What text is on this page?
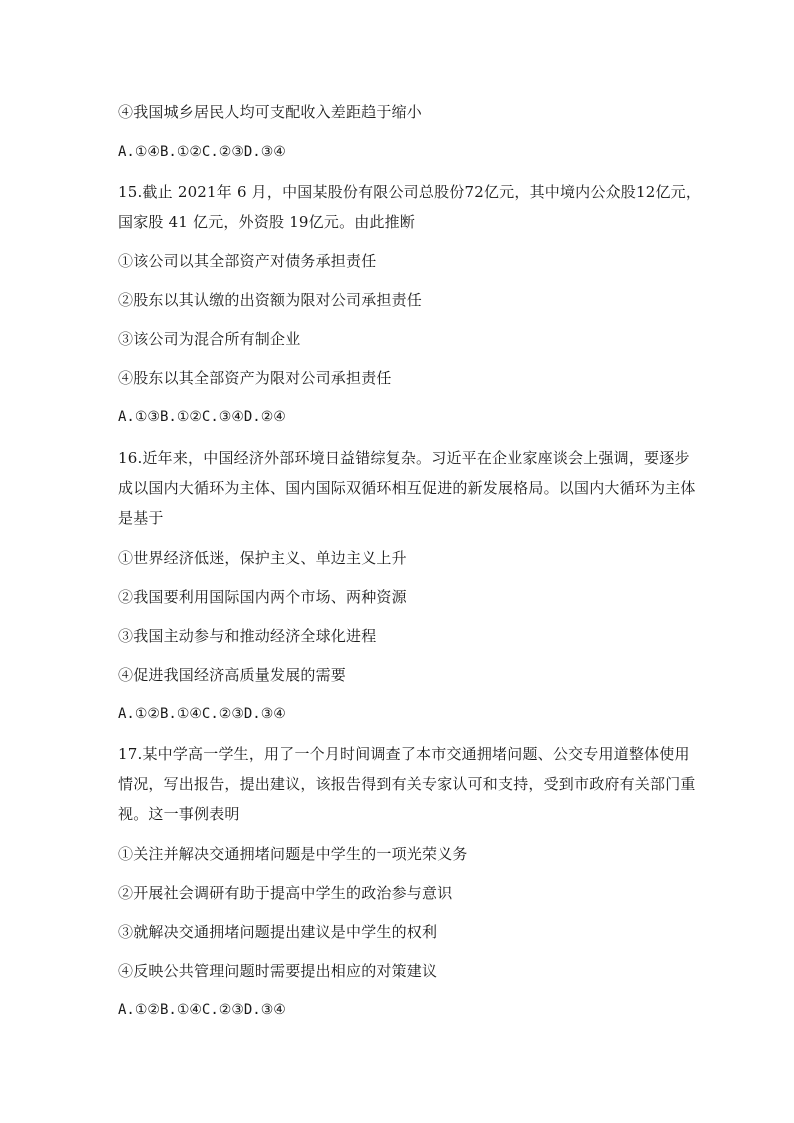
④我国城乡居民人均可支配收入差距趋于缩小
A.①④B.①②C.②③D.③④
15.截止 2021年 6 月，中国某股份有限公司总股份72亿元，其中境内公众股12亿元，
国家股 41 亿元，外资股 19亿元。由此推断
①该公司以其全部资产对债务承担责任
②股东以其认缴的出资额为限对公司承担责任
③该公司为混合所有制企业
④股东以其全部资产为限对公司承担责任
A.①③B.①②C.③④D.②④
16.近年来，中国经济外部环境日益错综复杂。习近平在企业家座谈会上强调，要逐步
成以国内大循环为主体、国内国际双循环相互促进的新发展格局。以国内大循环为主体
是基于
①世界经济低迷，保护主义、单边主义上升
②我国要利用国际国内两个市场、两种资源
③我国主动参与和推动经济全球化进程
④促进我国经济高质量发展的需要
A.①②B.①④C.②③D.③④
17.某中学高一学生，用了一个月时间调查了本市交通拥堵问题、公交专用道整体使用
情况，写出报告，提出建议，该报告得到有关专家认可和支持，受到市政府有关部门重
视。这一事例表明
①关注并解决交通拥堵问题是中学生的一项光荣义务
②开展社会调研有助于提高中学生的政治参与意识
③就解决交通拥堵问题提出建议是中学生的权利
④反映公共管理问题时需要提出相应的对策建议
A.①②B.①④C.②③D.③④
